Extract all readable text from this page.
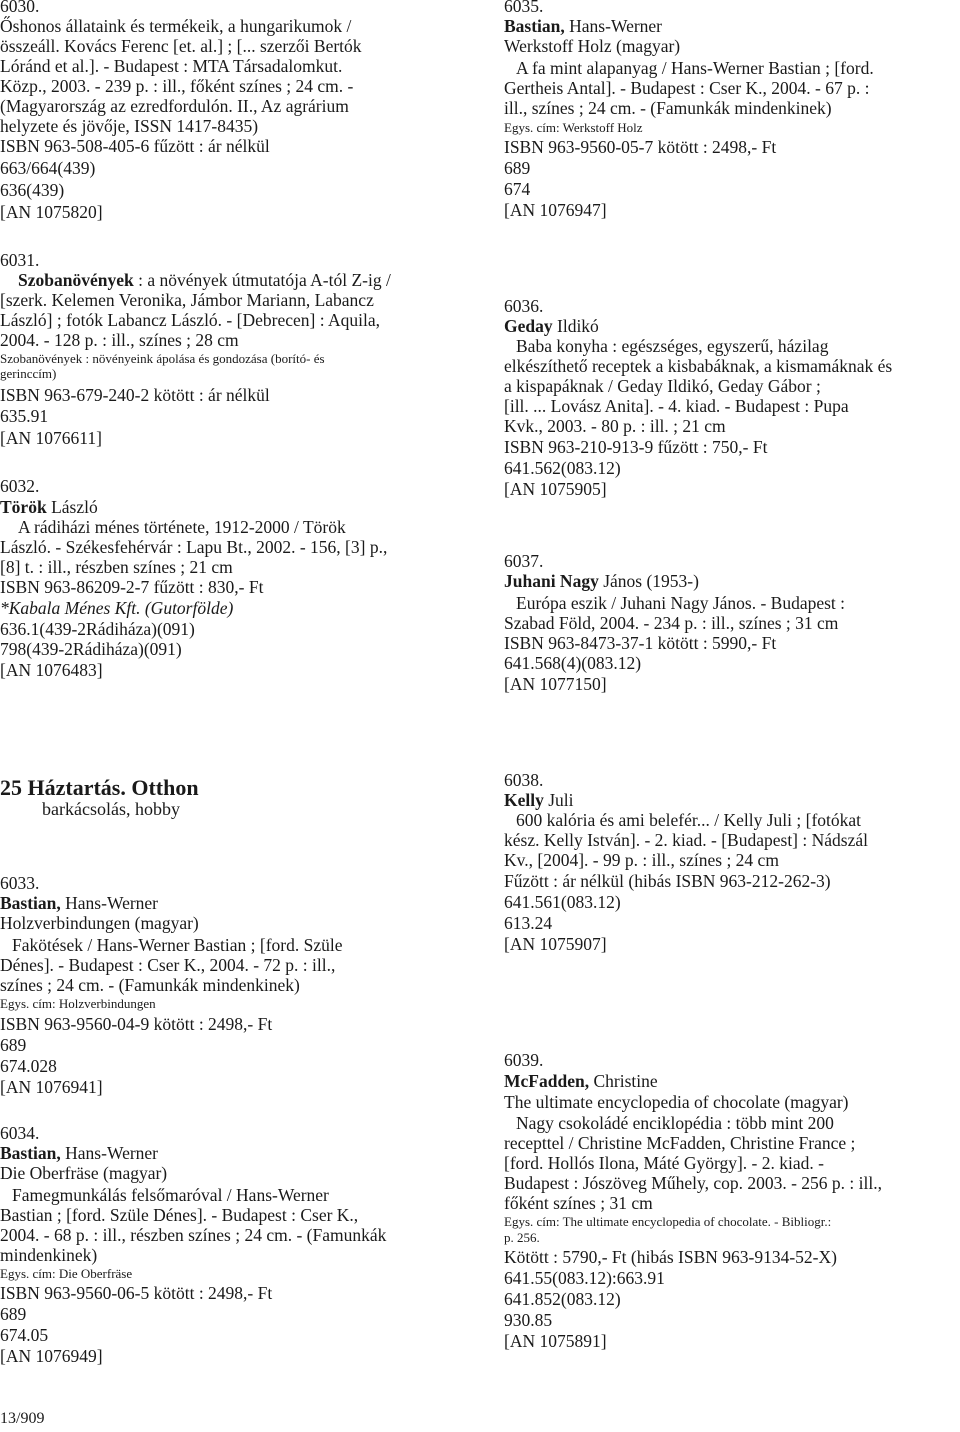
6030.
Őshonos állataink és termékeik, a hungarikumok /
összeáll. Kovács Ferenc [et. al.] ; [... szerzői Bertók
Lóránd et al.]. - Budapest : MTA Társadalomkut.
Közp., 2003. - 239 p. : ill., főként színes ; 24 cm. -
(Magyarország az ezredfordulón. II., Az agrárium
helyzete és jövője, ISSN 1417-8435)
ISBN 963-508-405-6 fűzött : ár nélkül
663/664(439)
636(439)
[AN 1075820]
6031.
Szobanövények : a növények útmutatója A-tól Z-ig /
[szerk. Kelemen Veronika, Jámbor Mariann, Labancz
László] ; fotók Labancz László. - [Debrecen] : Aquila,
2004. - 128 p. : ill., színes ; 28 cm
Szobanövények : növényeink ápolása és gondozása (borító- és
gerinccím)
ISBN 963-679-240-2 kötött : ár nélkül
635.91
[AN 1076611]
6032.
Török László
A rádiházi ménes története, 1912-2000 / Török
László. - Székesfehérvár : Lapu Bt., 2002. - 156, [3] p.,
[8] t. : ill., részben színes ; 21 cm
ISBN 963-86209-2-7 fűzött : 830,- Ft
*Kabala Ménes Kft. (Gutorfölde)
636.1(439-2Rádiháza)(091)
798(439-2Rádiháza)(091)
[AN 1076483]
25 Háztartás. Otthon
barkácsolás, hobby
6033.
Bastian, Hans-Werner
Holzverbindungen (magyar)
Fakötések / Hans-Werner Bastian ; [ford. Szüle
Dénes]. - Budapest : Cser K., 2004. - 72 p. : ill.,
színes ; 24 cm. - (Famunkák mindenkinek)
Egys. cím: Holzverbindungen
ISBN 963-9560-04-9 kötött : 2498,- Ft
689
674.028
[AN 1076941]
6034.
Bastian, Hans-Werner
Die Oberfräse (magyar)
Famegmunkálás felsőmaróval / Hans-Werner
Bastian ; [ford. Szüle Dénes]. - Budapest : Cser K.,
2004. - 68 p. : ill., részben színes ; 24 cm. - (Famunkák
mindenkinek)
Egys. cím: Die Oberfräse
ISBN 963-9560-06-5 kötött : 2498,- Ft
689
674.05
[AN 1076949]
13/909
6035.
Bastian, Hans-Werner
Werkstoff Holz (magyar)
A fa mint alapanyag / Hans-Werner Bastian ; [ford.
Gertheis Antal]. - Budapest : Cser K., 2004. - 67 p. :
ill., színes ; 24 cm. - (Famunkák mindenkinek)
Egys. cím: Werkstoff Holz
ISBN 963-9560-05-7 kötött : 2498,- Ft
689
674
[AN 1076947]
6036.
Geday Ildikó
Baba konyha : egészséges, egyszerű, házilag
elkészíthető receptek a kisbabáknak, a kismamáknak és
a kispapáknak / Geday Ildikó, Geday Gábor ;
[ill. ... Lovász Anita]. - 4. kiad. - Budapest : Pupa
Kvk., 2003. - 80 p. : ill. ; 21 cm
ISBN 963-210-913-9 fűzött : 750,- Ft
641.562(083.12)
[AN 1075905]
6037.
Juhani Nagy János (1953-)
Európa eszik / Juhani Nagy János. - Budapest :
Szabad Föld, 2004. - 234 p. : ill., színes ; 31 cm
ISBN 963-8473-37-1 kötött : 5990,- Ft
641.568(4)(083.12)
[AN 1077150]
6038.
Kelly Juli
600 kalória és ami belefér... / Kelly Juli ; [fotókat
kész. Kelly István]. - 2. kiad. - [Budapest] : Nádszál
Kv., [2004]. - 99 p. : ill., színes ; 24 cm
Fűzött : ár nélkül (hibás ISBN 963-212-262-3)
641.561(083.12)
613.24
[AN 1075907]
6039.
McFadden, Christine
The ultimate encyclopedia of chocolate (magyar)
Nagy csokoládé enciklopédia : több mint 200
recepttel / Christine McFadden, Christine France ;
[ford. Hollós Ilona, Máté György]. - 2. kiad. -
Budapest : Jószöveg Műhely, cop. 2003. - 256 p. : ill.,
főként színes ; 31 cm
Egys. cím: The ultimate encyclopedia of chocolate. - Bibliogr.:
p. 256.
Kötött : 5790,- Ft (hibás ISBN 963-9134-52-X)
641.55(083.12):663.91
641.852(083.12)
930.85
[AN 1075891]
